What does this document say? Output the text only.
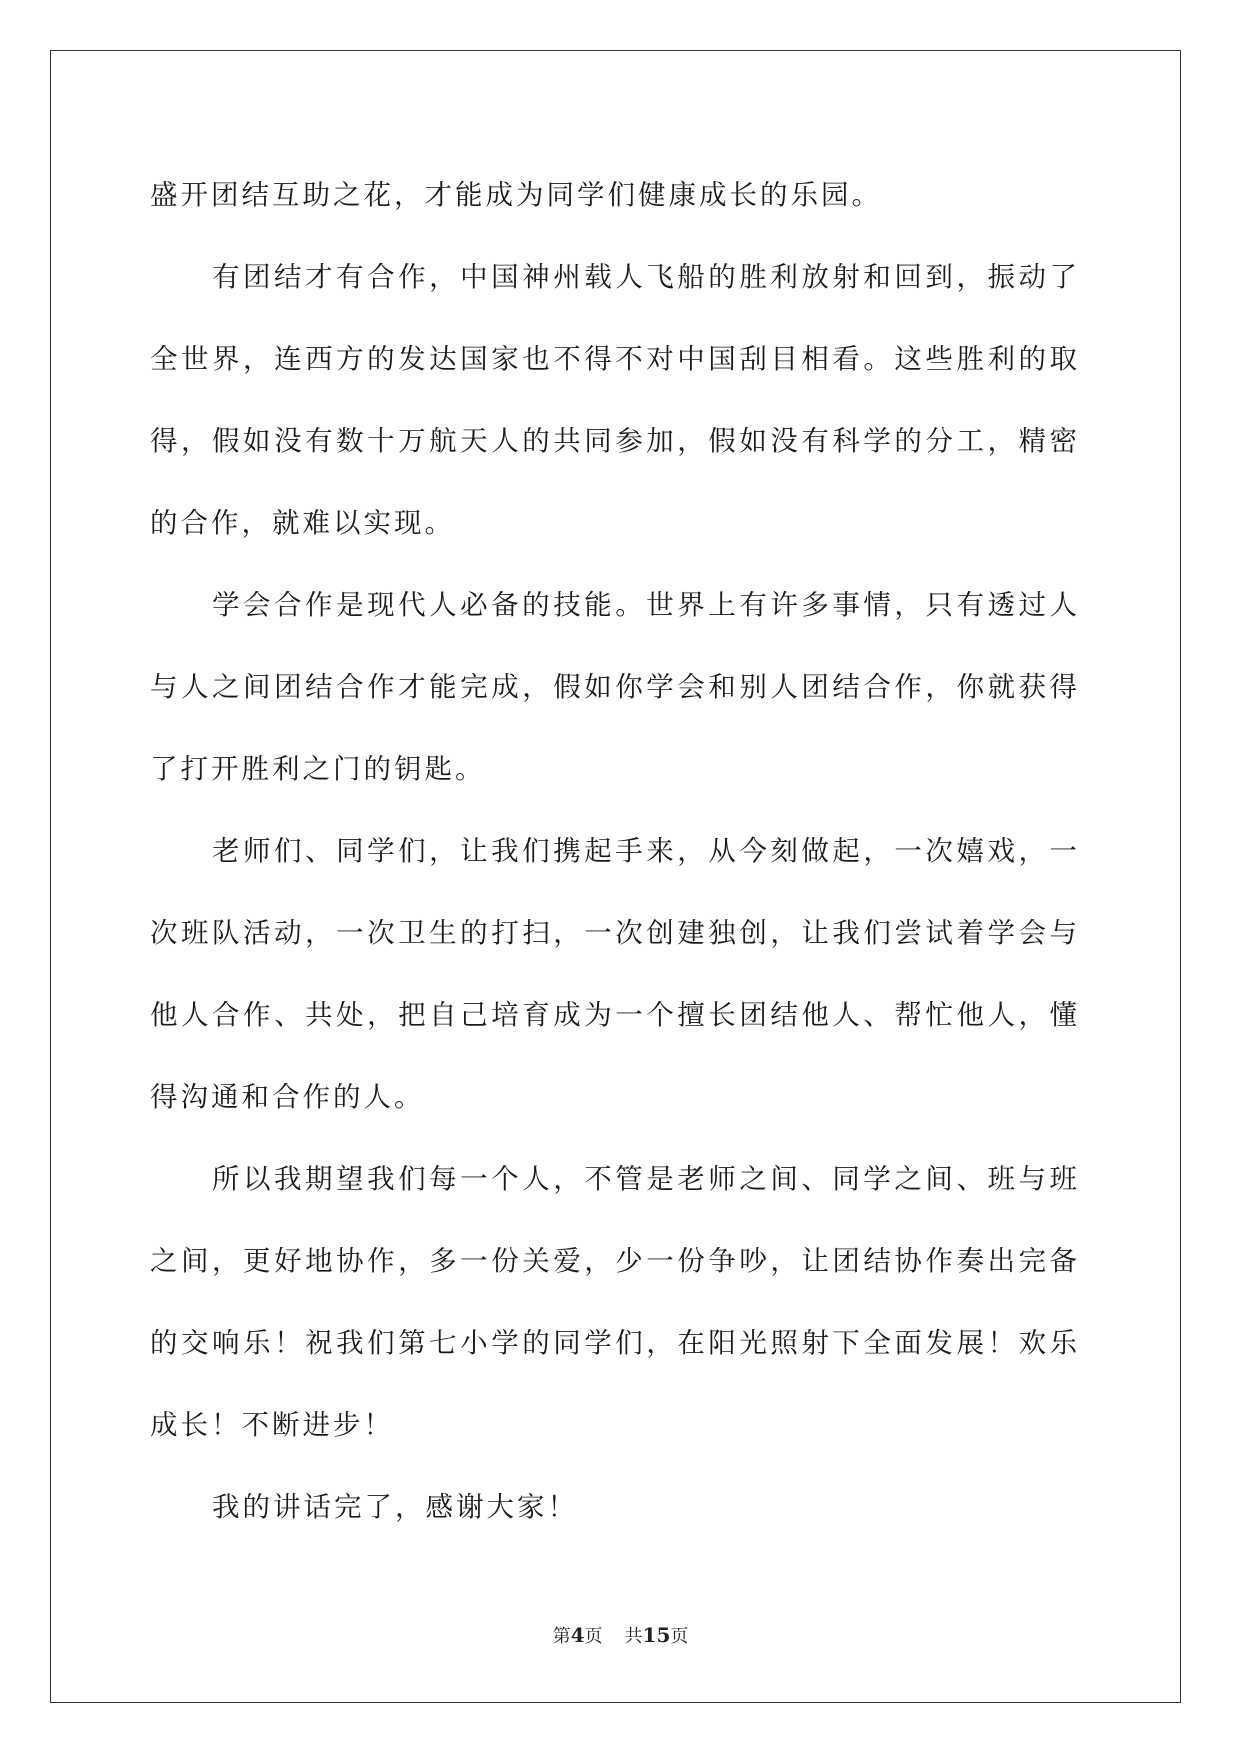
盛开团结互助之花，才能成为同学们健康成长的乐园。

有团结才有合作，中国神州载人飞船的胜利放射和回到，振动了全世界，连西方的发达国家也不得不对中国刮目相看。这些胜利的取得，假如没有数十万航天人的共同参加，假如没有科学的分工，精密的合作，就难以实现。

学会合作是现代人必备的技能。世界上有许多事情，只有透过人与人之间团结合作才能完成，假如你学会和别人团结合作，你就获得了打开胜利之门的钥匙。

老师们、同学们，让我们携起手来，从今刻做起，一次嬉戏，一次班队活动，一次卫生的打扫，一次创建独创，让我们尝试着学会与他人合作、共处，把自己培育成为一个擅长团结他人、帮忙他人，懂得沟通和合作的人。

所以我期望我们每一个人，不管是老师之间、同学之间、班与班之间，更好地协作，多一份关爱，少一份争吵，让团结协作奏出完备的交响乐！祝我们第七小学的同学们，在阳光照射下全面发展！欢乐成长！不断进步！

我的讲话完了，感谢大家！

第4页 共15页
